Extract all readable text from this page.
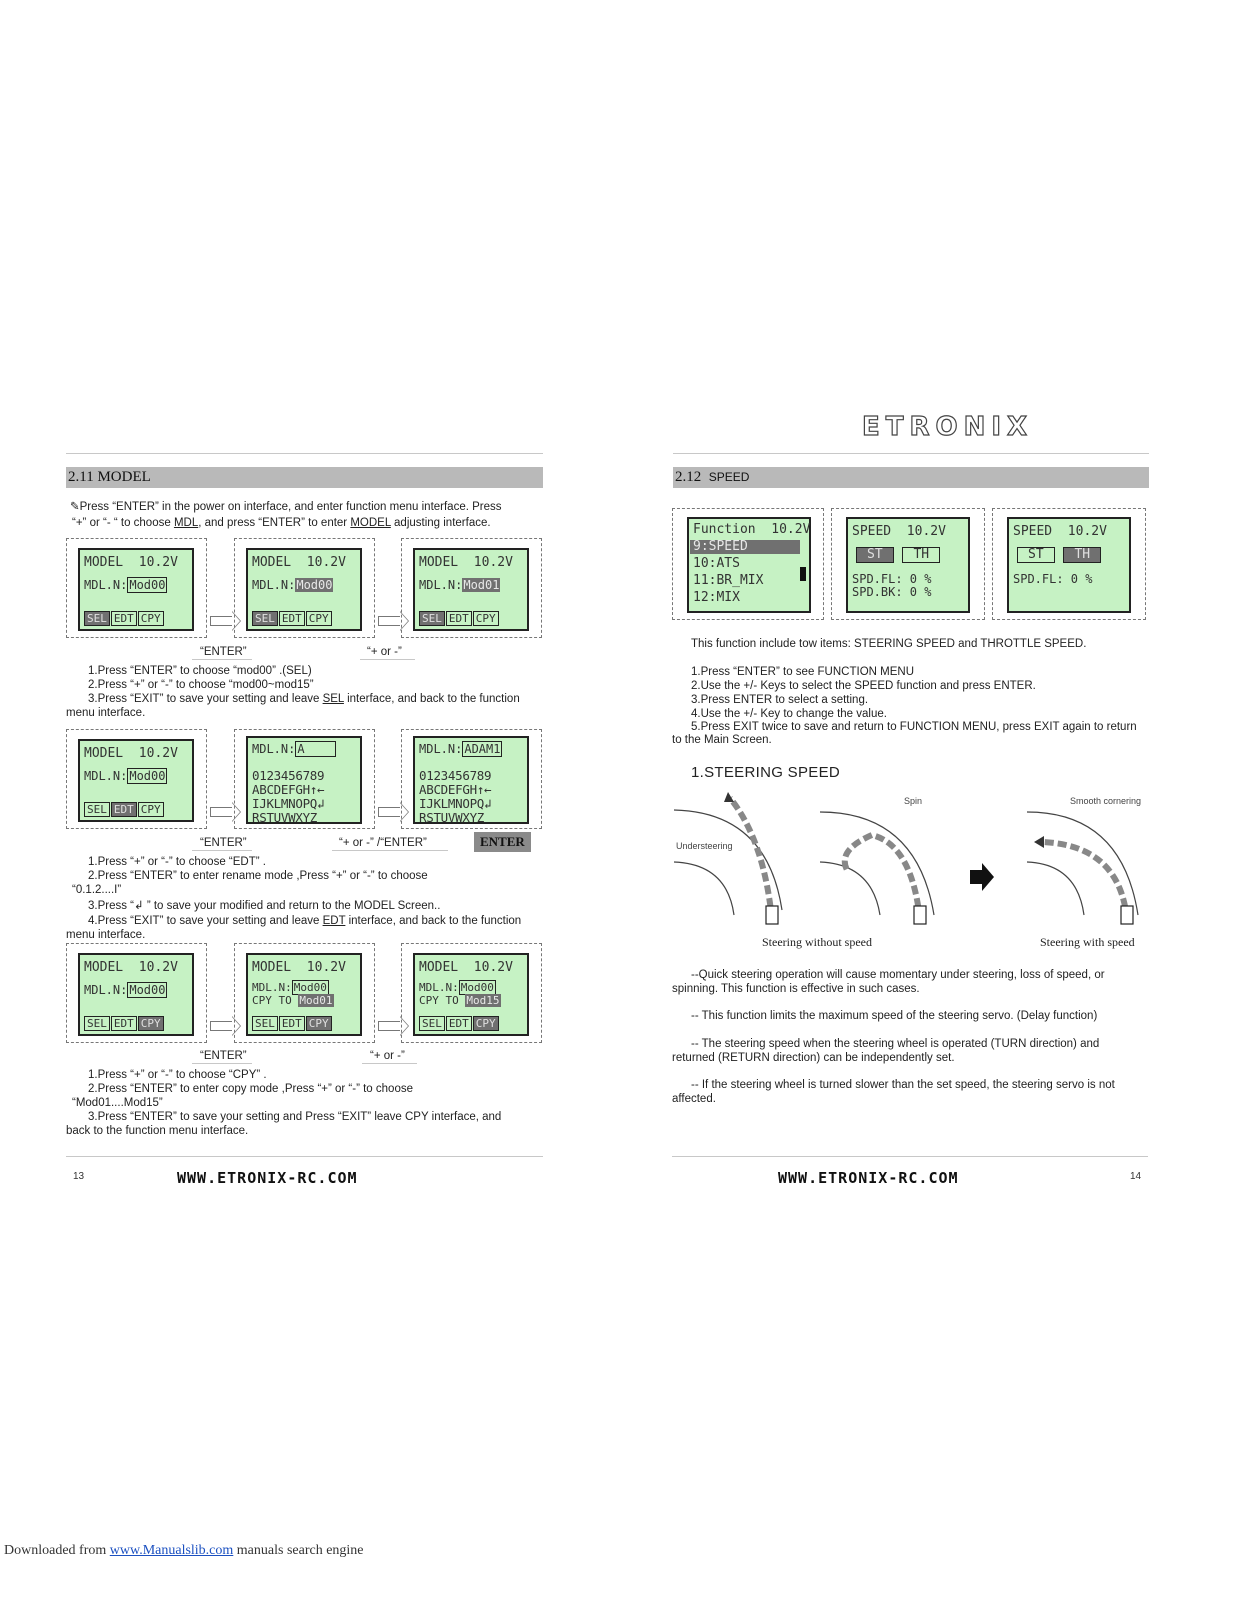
2.11 MODEL
✎Press “ENTER” in the power on interface, and enter function menu interface. Press
“+” or “- “ to choose MDL, and press “ENTER” to enter MODEL adjusting interface.
MODEL 10.2V
MDL.N: Mod00
SEL EDT CPY
MODEL 10.2V
MDL.N:Mod00
SEL EDT CPY
MODEL 10.2V
MDL.N:Mod01
SEL EDT CPY
“ENTER”	“+ or -”
1.Press “ENTER” to choose “mod00” .(SEL)
2.Press “+” or “-” to choose “mod00~mod15”
3.Press “EXIT” to save your setting and leave SEL interface, and back to the function
menu interface.
MODEL 10.2V
MDL.N: Mod00
SEL EDT CPY
MDL.N: A
0123456789
ABCDEFGH↑←
IJKLMNOPQ↲
RSTUVWXYZ
MDL.N: ADAM1
0123456789
ABCDEFGH↑←
IJKLMNOPQ↲
RSTUVWXYZ
ENTER
“ENTER”	“+ or -” /“ENTER”
1.Press “+” or “-” to choose “EDT” .
2.Press “ENTER” to enter rename mode ,Press “+” or “-” to choose
“0.1.2....I”
3.Press “↲ ” to save your modified and return to the MODEL Screen..
4.Press “EXIT” to save your setting and leave EDT interface, and back to the function
menu interface.
MODEL 10.2V
MDL.N: Mod00
SEL EDT CPY
MODEL 10.2V
MDL.N: Mod00
CPY TO Mod01
SEL EDT CPY
MODEL 10.2V
MDL.N: Mod00
CPY TO Mod15
SEL EDT CPY
“ENTER”	“+ or -”
1.Press “+” or “-” to choose “CPY” .
2.Press “ENTER” to enter copy mode ,Press “+” or “-” to choose
“Mod01....Mod15”
3.Press “ENTER” to save your setting and Press “EXIT” leave CPY interface, and
back to the function menu interface.
13	WWW.ETRONIX-RC.COM
ETRONIX
2.12 SPEED
Function 10.2V
9:SPEED
10:ATS
11:BR_MIX
12:MIX
SPEED 10.2V
ST TH
SPD.FL: 0 %
SPD.BK: 0 %
SPEED 10.2V
ST TH
SPD.FL: 0 %
This function include tow items: STEERING SPEED and THROTTLE SPEED.
1.Press “ENTER” to see FUNCTION MENU
2.Use the +/- Keys to select the SPEED function and press ENTER.
3.Press ENTER to select a setting.
4.Use the +/- Key to change the value.
5.Press EXIT twice to save and return to FUNCTION MENU, press EXIT again to return
to the Main Screen.
1.STEERING SPEED
Understeering
Spin	Smooth cornering
Steering without speed	Steering with speed
--Quick steering operation will cause momentary under steering, loss of speed, or
spinning. This function is effective in such cases.
-- This function limits the maximum speed of the steering servo. (Delay function)
-- The steering speed when the steering wheel is operated (TURN direction) and
returned (RETURN direction) can be independently set.
-- If the steering wheel is turned slower than the set speed, the steering servo is not
affected.
WWW.ETRONIX-RC.COM	14
Downloaded from www.Manualslib.com manuals search engine
